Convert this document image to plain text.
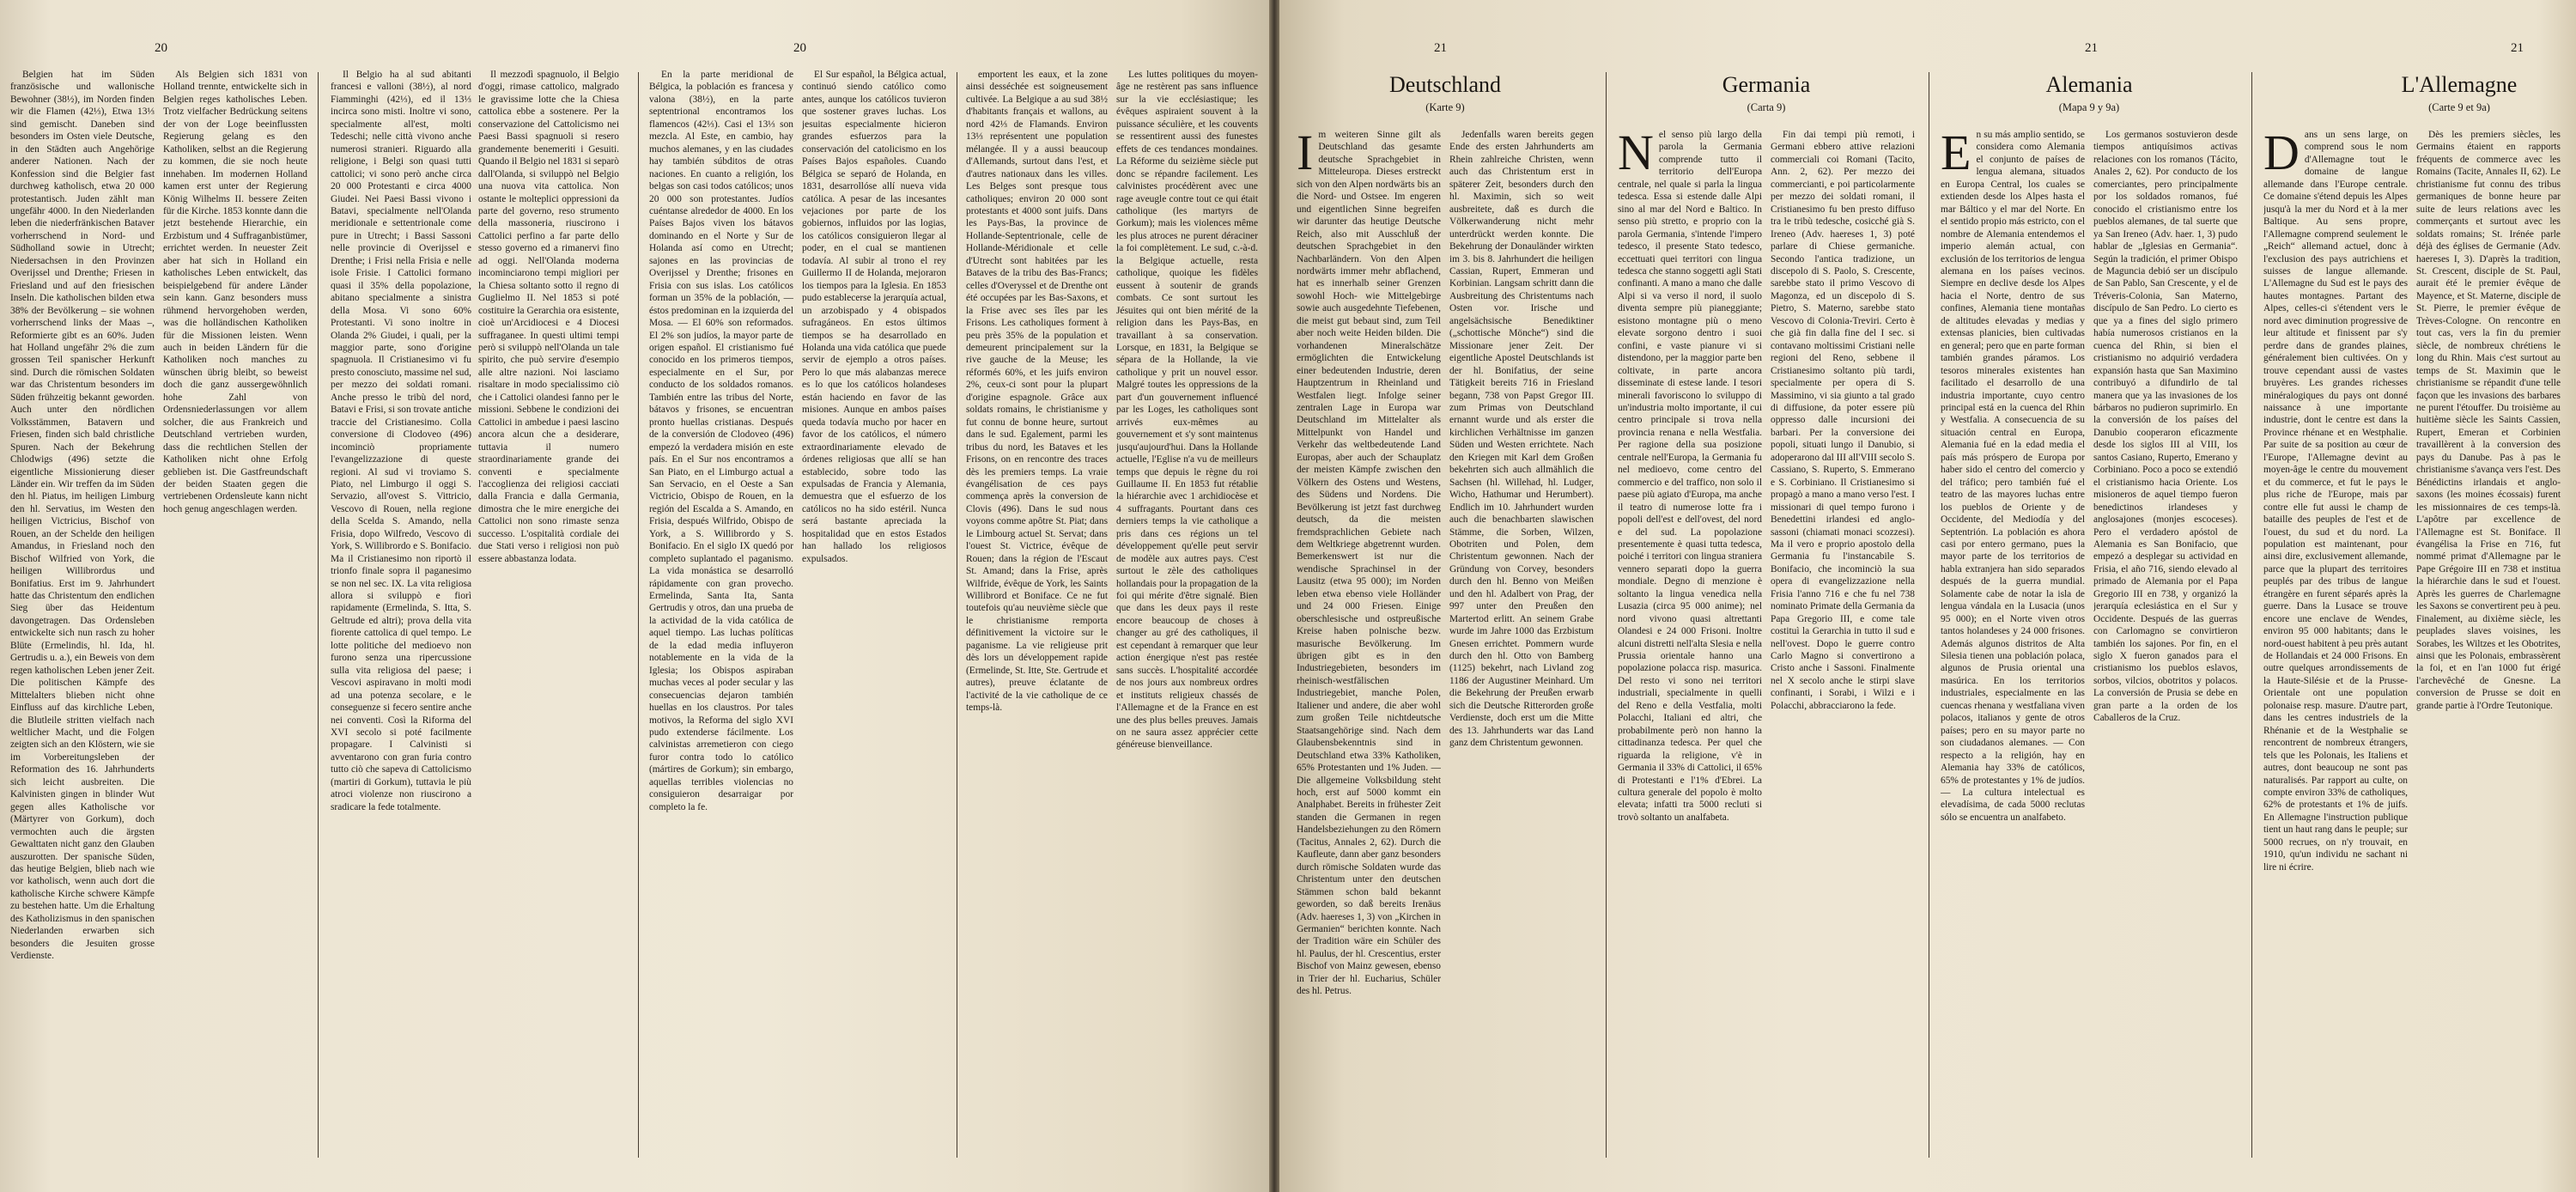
20

Belgien hat im Süden französische und wallonische Bewohner (38½), im Norden finden wir die Flamen (42⅓), Etwa 13⅓ sind gemischt. Daneben sind besonders im Osten viele Deutsche, in den Städten auch Angehörige anderer Nationen. Nach der Konfession sind die Belgier fast durchweg katholisch, etwa 20 000 protestantisch. Juden zählt man ungefähr 4000. In den Niederlanden leben die niederfränkischen Bataver vorherrschend in Nord- und Südholland sowie in Utrecht; Niedersachsen in den Provinzen Overijssel und Drenthe; Friesen in Friesland und auf den friesischen Inseln. Die katholischen bilden etwa 38% der Bevölkerung – sie wohnen vorherrschend links der Maas –, Reformierte gibt es an 60%. Juden hat Holland ungefähr 2% die zum grossen Teil spanischer Herkunft sind. Durch die römischen Soldaten war das Christentum besonders im Süden frühzeitig bekannt geworden. Auch unter den nördlichen Volksstämmen, Batavern und Friesen, finden sich bald christliche Spuren. Nach der Bekehrung Chlodwigs (496) setzte die eigentliche Missionierung dieser Länder ein. Wir treffen da im Süden den hl. Piatus, im heiligen Limburg den hl. Servatius, im Westen den heiligen Victricius, Bischof von Rouen, an der Schelde den heiligen Amandus, in Friesland noch den Bischof Wilfried von York, die heiligen Willibrordus und Bonifatius. Erst im 9. Jahrhundert hatte das Christentum den endlichen Sieg über das Heidentum davongetragen. Das Ordensleben entwickelte sich nun rasch zu hoher Blüte (Ermelindis, hl. Ida, hl. Gertrudis u. a.), ein Beweis von dem regen katholischen Leben jener Zeit. Die politischen Kämpfe des Mittelalters blieben nicht ohne Einfluss auf das kirchliche Leben, die Blutleile stritten vielfach nach weltlicher Macht, und die Folgen zeigten sich an den Klöstern, wie sie im Vorbereitungsleben der Reformation des 16. Jahrhunderts sich leicht ausbreiten. Die Kalvinisten gingen in blinder Wut gegen alles Katholische vor (Märtyrer von Gorkum), doch vermochten auch die ärgsten Gewalttaten nicht ganz den Glauben auszurotten. Der spanische Süden, das heutige Belgien, blieb nach wie vor katholisch, wenn auch dort die katholische Kirche schwere Kämpfe zu bestehen hatte. Um die Erhaltung des Katholizismus in den spanischen Niederlanden erwarben sich besonders die Jesuiten grosse Verdienste.

Als Belgien sich 1831 von Holland trennte, entwickelte sich in Belgien reges katholisches Leben. Trotz vielfacher Bedrückung seitens der von der Loge beeinflussten Regierung gelang es den Katholiken, selbst an die Regierung zu kommen, die sie noch heute innehaben. Im modernen Holland kamen erst unter der Regierung König Wilhelms II. bessere Zeiten für die Kirche. 1853 konnte dann die jetzt bestehende Hierarchie, ein Erzbistum und 4 Suffraganbistümer, errichtet werden. In neuester Zeit aber hat sich in Holland ein katholisches Leben entwickelt, das beispielgebend für andere Länder sein kann. Ganz besonders muss rühmend hervorgehoben werden, was die holländischen Katholiken für die Missionen leisten. Wenn auch in beiden Ländern für die Katholiken noch manches zu wünschen übrig bleibt, so beweist doch die ganz aussergewöhnlich hohe Zahl von Ordensniederlassungen vor allem solcher, die aus Frankreich und Deutschland vertrieben wurden, dass die rechtlichen Stellen der Katholiken nicht ohne Erfolg geblieben ist. Die Gastfreundschaft der beiden Staaten gegen die vertriebenen Ordensleute kann nicht hoch genug angeschlagen werden.

Il Belgio ha al sud abitanti francesi e valloni (38½), al nord Fiamminghi (42⅓), ed il 13⅓ incirca sono misti. Inoltre vi sono, specialmente all'est, molti Tedeschi; nelle città vivono anche numerosi stranieri. Riguardo alla religione, i Belgi son quasi tutti cattolici; vi sono però anche circa 20 000 Protestanti e circa 4000 Giudei. Nei Paesi Bassi vivono i Batavi, specialmente nell'Olanda meridionale e settentrionale come pure in Utrecht; i Bassi Sassoni nelle provincie di Overijssel e Drenthe; i Frisi nella Frisia e nelle isole Frisie. I Cattolici formano quasi il 35% della popolazione, abitano specialmente a sinistra della Mosa. Vi sono 60% Protestanti. Vi sono inoltre in Olanda 2% Giudei, i quali, per la maggior parte, sono d'origine spagnuola. Il Cristianesimo vi fu presto conosciuto, massime nel sud, per mezzo dei soldati romani. Anche presso le tribù del nord, Batavi e Frisi, si son trovate antiche traccie del Cristianesimo. Colla conversione di Clodoveo (496) incominciò propriamente l'evangelizzazione di queste regioni. Al sud vi troviamo S. Piato, nel Limburgo il oggi S. Servazio, all'ovest S. Vittricio, Vescovo di Rouen, nella regione della Scelda S. Amando, nella Frisia, dopo Wilfredo, Vescovo di York, S. Willibrordo e S. Bonifacio. Ma il Cristianesimo non riportò il trionfo finale sopra il paganesimo se non nel sec. IX. La vita religiosa allora si sviluppò e fiorì rapidamente (Ermelinda, S. Itta, S. Geltrude ed altri); prova della vita fiorente cattolica di quel tempo. Le lotte politiche del medioevo non furono senza una ripercussione sulla vita religiosa del paese; i Vescovi aspiravano in molti modi ad una potenza secolare, e le conseguenze si fecero sentire anche nei conventi. Così la Riforma del XVI secolo si poté facilmente propagare. I Calvinisti si avventarono con gran furia contro tutto ciò che sapeva di Cattolicismo (martiri di Gorkum), tuttavia le più atroci violenze non riuscirono a sradicare la fede totalmente.

Il mezzodì spagnuolo, il Belgio d'oggi, rimase cattolico, malgrado le gravissime lotte che la Chiesa cattolica ebbe a sostenere. Per la conservazione del Cattolicismo nei Paesi Bassi spagnuoli si resero grandemente benemeriti i Gesuiti. Quando il Belgio nel 1831 si separò dall'Olanda, si sviluppò nel Belgio una nuova vita cattolica. Non ostante le molteplici oppressioni da parte del governo, reso strumento della massoneria, riuscirono i Cattolici perfino a far parte dello stesso governo ed a rimanervi fino ad oggi. Nell'Olanda moderna incominciarono tempi migliori per la Chiesa soltanto sotto il regno di Guglielmo II. Nel 1853 si poté costituire la Gerarchia ora esistente, cioè un'Arcidiocesi e 4 Diocesi suffraganee. In questi ultimi tempi però si sviluppò nell'Olanda un tale spirito, che può servire d'esempio alle altre nazioni. Noi lasciamo risaltare in modo specialissimo ciò che i Cattolici olandesi fanno per le missioni. Sebbene le condizioni dei Cattolici in ambedue i paesi lascino ancora alcun che a desiderare, tuttavia il numero straordinariamente grande dei conventi e specialmente l'accoglienza dei religiosi cacciati dalla Francia e dalla Germania, dimostra che le mire energiche dei Cattolici non sono rimaste senza successo. L'ospitalità cordiale dei due Stati verso i religiosi non può essere abbastanza lodata.

20

En la parte meridional de Bélgica, la población es francesa y valona (38½), en la parte septentrional encontramos los flamencos (42⅓). Casi el 13⅓ son mezcla. Al Este, en cambio, hay muchos alemanes, y en las ciudades hay también súbditos de otras naciones. En cuanto a religión, los belgas son casi todos católicos; unos 20 000 son protestantes. Judíos cuéntanse alrededor de 4000. En los Países Bajos viven los bátavos dominando en el Norte y Sur de Holanda así como en Utrecht; sajones en las provincias de Overijssel y Drenthe; frisones en Frisia con sus islas. Los católicos forman un 35% de la población, — éstos predominan en la izquierda del Mosa. — El 60% son reformados. El 2% son judíos, la mayor parte de origen español. El cristianismo fué conocido en los primeros tiempos, especialmente en el Sur, por conducto de los soldados romanos. También entre las tribus del Norte, bátavos y frisones, se encuentran pronto huellas cristianas. Después de la conversión de Clodoveo (496) empezó la verdadera misión en este país. En el Sur nos encontramos a San Piato, en el Limburgo actual a San Servacio, en el Oeste a San Victricio, Obispo de Rouen, en la región del Escalda a S. Amando, en Frisia, después Wilfrido, Obispo de York, a S. Willibrordo y S. Bonifacio. En el siglo IX quedó por completo suplantado el paganismo. La vida monástica se desarrolló rápidamente con gran provecho. Ermelinda, Santa Ita, Santa Gertrudis y otros, dan una prueba de la actividad de la vida católica de aquel tiempo. Las luchas políticas de la edad media influyeron notablemente en la vida de la Iglesia; los Obispos aspiraban muchas veces al poder secular y las consecuencias dejaron también huellas en los claustros. Por tales motivos, la Reforma del siglo XVI pudo extenderse fácilmente. Los calvinistas arremetieron con ciego furor contra todo lo católico (mártires de Gorkum); sin embargo, aquellas terribles violencias no consiguieron desarraigar por completo la fe.

El Sur español, la Bélgica actual, continuó siendo católico como antes, aunque los católicos tuvieron que sostener graves luchas. Los jesuitas especialmente hicieron grandes esfuerzos para la conservación del catolicismo en los Países Bajos españoles. Cuando Bélgica se separó de Holanda, en 1831, desarrollóse allí nueva vida católica. A pesar de las incesantes vejaciones por parte de los gobiernos, influidos por las logias, los católicos consiguieron llegar al poder, en el cual se mantienen todavía. Al subir al trono el rey Guillermo II de Holanda, mejoraron los tiempos para la Iglesia. En 1853 pudo establecerse la jerarquía actual, un arzobispado y 4 obispados sufragáneos. En estos últimos tiempos se ha desarrollado en Holanda una vida católica que puede servir de ejemplo a otros países. Pero lo que más alabanzas merece es lo que los católicos holandeses están haciendo en favor de las misiones. Aunque en ambos países queda todavía mucho por hacer en favor de los católicos, el número extraordinariamente elevado de órdenes religiosas que allí se han establecido, sobre todo las expulsadas de Francia y Alemania, demuestra que el esfuerzo de los católicos no ha sido estéril. Nunca será bastante apreciada la hospitalidad que en estos Estados han hallado los religiosos expulsados.

emportent les eaux, et la zone ainsi desséchée est soigneusement cultivée. La Belgique a au sud 38½ d'habitants français et wallons, au nord 42⅓ de Flamands. Environ 13⅓ représentent une population mélangée. Il y a aussi beaucoup d'Allemands, surtout dans l'est, et d'autres nationaux dans les villes. Les Belges sont presque tous catholiques; environ 20 000 sont protestants et 4000 sont juifs. Dans les Pays-Bas, la province de Hollande-Septentrionale, celle de Hollande-Méridionale et celle d'Utrecht sont habitées par les Bataves de la tribu des Bas-Francs; celles d'Overyssel et de Drenthe ont été occupées par les Bas-Saxons, et la Frise avec ses îles par les Frisons. Les catholiques forment à peu près 35% de la population et demeurent principalement sur la rive gauche de la Meuse; les réformés 60%, et les juifs environ 2%, ceux-ci sont pour la plupart d'origine espagnole. Grâce aux soldats romains, le christianisme y fut connu de bonne heure, surtout dans le sud. Egalement, parmi les tribus du nord, les Bataves et les Frisons, on en rencontre des traces dès les premiers temps. La vraie évangélisation de ces pays commença après la conversion de Clovis (496). Dans le sud nous voyons comme apôtre St. Piat; dans le Limbourg actuel St. Servat; dans l'ouest St. Victrice, évêque de Rouen; dans la région de l'Escaut St. Amand; dans la Frise, après Wilfride, évêque de York, les Saints Willibrord et Boniface. Ce ne fut toutefois qu'au neuvième siècle que le christianisme remporta définitivement la victoire sur le paganisme. La vie religieuse prit dès lors un développement rapide (Ermelinde, St. Itte, Ste. Gertrude et autres), preuve éclatante de l'activité de la vie catholique de ce temps-là.

Les luttes politiques du moyen-âge ne restèrent pas sans influence sur la vie ecclésiastique; les évêques aspiraient souvent à la puissance séculière, et les couvents se ressentirent aussi des funestes effets de ces tendances mondaines. La Réforme du seizième siècle put donc se répandre facilement. Les calvinistes procédèrent avec une rage aveugle contre tout ce qui était catholique (les martyrs de Gorkum); mais les violences même les plus atroces ne purent déraciner la foi complètement. Le sud, c.-à-d. la Belgique actuelle, resta catholique, quoique les fidèles eussent à soutenir de grands combats. Ce sont surtout les Jésuites qui ont bien mérité de la religion dans les Pays-Bas, en travaillant à sa conservation. Lorsque, en 1831, la Belgique se sépara de la Hollande, la vie catholique y prit un nouvel essor. Malgré toutes les oppressions de la part d'un gouvernement influencé par les Loges, les catholiques sont arrivés eux-mêmes au gouvernement et s'y sont maintenus jusqu'aujourd'hui. Dans la Hollande actuelle, l'Eglise n'a vu de meilleurs temps que depuis le règne du roi Guillaume II. En 1853 fut rétablie la hiérarchie avec 1 archidiocèse et 4 suffragants. Pourtant dans ces derniers temps la vie catholique a pris dans ces régions un tel développement qu'elle peut servir de modèle aux autres pays. C'est surtout le zèle des catholiques hollandais pour la propagation de la foi qui mérite d'être signalé. Bien que dans les deux pays il reste encore beaucoup de choses à changer au gré des catholiques, il est cependant à remarquer que leur action énergique n'est pas restée sans succès. L'hospitalité accordée de nos jours aux nombreux ordres et instituts religieux chassés de l'Allemagne et de la France en est une des plus belles preuves. Jamais on ne saura assez apprécier cette généreuse bienveillance.

21
Deutschland
(Karte 9)

Im weiteren Sinne gilt als Deutschland das gesamte deutsche Sprachgebiet in Mitteleuropa. Dieses erstreckt sich von den Alpen nordwärts bis an die Nord- und Ostsee. Im engeren und eigentlichen Sinne begreifen wir darunter das heutige Deutsche Reich, also mit Ausschluß der deutschen Sprachgebiet in den Nachbarländern. Von den Alpen nordwärts immer mehr abflachend, hat es innerhalb seiner Grenzen sowohl Hoch- wie Mittelgebirge sowie auch ausgedehnte Tiefebenen, die meist gut bebaut sind, zum Teil aber noch weite Heiden bilden. Die vorhandenen Mineralschätze ermöglichten die Entwickelung einer bedeutenden Industrie, deren Hauptzentrum in Rheinland und Westfalen liegt. Infolge seiner zentralen Lage in Europa war Deutschland im Mittelalter als Mittelpunkt von Handel und Verkehr das weltbedeutende Land Europas, aber auch der Schauplatz der meisten Kämpfe zwischen den Völkern des Ostens und Westens, des Südens und Nordens. Die Bevölkerung ist jetzt fast durchweg deutsch, da die meisten fremdsprachlichen Gebiete nach dem Weltkriege abgetrennt wurden. Bemerkenswert ist nur die wendische Sprachinsel in der Lausitz (etwa 95 000); im Norden leben etwa ebenso viele Holländer und 24 000 Friesen. Einige oberschlesische und ostpreußische Kreise haben polnische bezw. masurische Bevölkerung. Im übrigen gibt es in den Industriegebieten, besonders im rheinisch-westfälischen Industriegebiet, manche Polen, Italiener und andere, die aber wohl zum großen Teile nichtdeutsche Staatsangehörige sind. Nach dem Glaubensbekenntnis sind in Deutschland etwa 33% Katholiken, 65% Protestanten und 1% Juden. — Die allgemeine Volksbildung steht hoch, erst auf 5000 kommt ein Analphabet. Bereits in frühester Zeit standen die Germanen in regen Handelsbeziehungen zu den Römern (Tacitus, Annales 2, 62). Durch die Kaufleute, dann aber ganz besonders durch römische Soldaten wurde das Christentum unter den deutschen Stämmen schon bald bekannt geworden, so daß bereits Irenäus (Adv. haereses 1, 3) von „Kirchen in Germanien“ berichten konnte. Nach der Tradition wäre ein Schüler des hl. Paulus, der hl. Crescentius, erster Bischof von Mainz gewesen, ebenso in Trier der hl. Eucharius, Schüler des hl. Petrus.

Jedenfalls waren bereits gegen Ende des ersten Jahrhunderts am Rhein zahlreiche Christen, wenn auch das Christentum erst in späterer Zeit, besonders durch den hl. Maximin, sich so weit ausbreitete, daß es durch die Völkerwanderung nicht mehr unterdrückt werden konnte. Die Bekehrung der Donauländer wirkten im 3. bis 8. Jahrhundert die heiligen Cassian, Rupert, Emmeran und Korbinian. Langsam schritt dann die Ausbreitung des Christentums nach Osten vor. Irische und angelsächsische Benediktiner („schottische Mönche“) sind die Missionare jener Zeit. Der eigentliche Apostel Deutschlands ist der hl. Bonifatius, der seine Tätigkeit bereits 716 in Friesland begann, 738 von Papst Gregor III. zum Primas von Deutschland ernannt wurde und als erster die kirchlichen Verhältnisse im ganzen Süden und Westen errichtete. Nach den Kriegen mit Karl dem Großen bekehrten sich auch allmählich die Sachsen (hl. Willehad, hl. Ludger, Wicho, Hathumar und Herumbert). Endlich im 10. Jahrhundert wurden auch die benachbarten slawischen Stämme, die Sorben, Wilzen, Obotriten und Polen, dem Christentum gewonnen. Nach der Gründung von Corvey, besonders durch den hl. Benno von Meißen und den hl. Adalbert von Prag, der 997 unter den Preußen den Martertod erlitt. An seinem Grabe wurde im Jahre 1000 das Erzbistum Gnesen errichtet. Pommern wurde durch den hl. Otto von Bamberg (1125) bekehrt, nach Livland zog 1186 der Augustiner Meinhard. Um die Bekehrung der Preußen erwarb sich die Deutsche Ritterorden große Verdienste, doch erst um die Mitte des 13. Jahrhunderts war das Land ganz dem Christentum gewonnen.

Germania
(Carta 9)

Nel senso più largo della parola la Germania comprende tutto il territorio dell'Europa centrale, nel quale si parla la lingua tedesca. Essa si estende dalle Alpi sino al mar del Nord e Baltico. In senso più stretto, e proprio con la parola Germania, s'intende l'impero tedesco, il presente Stato tedesco, eccettuati quei territori con lingua tedesca che stanno soggetti agli Stati confinanti. A mano a mano che dalle Alpi si va verso il nord, il suolo diventa sempre più pianeggiante; esistono montagne più o meno elevate sorgono dentro i suoi confini, e vaste pianure vi si distendono, per la maggior parte ben coltivate, in parte ancora disseminate di estese lande. I tesori minerali favoriscono lo sviluppo di un'industria molto importante, il cui centro principale si trova nella provincia renana e nella Westfalia. Per ragione della sua posizione centrale nell'Europa, la Germania fu nel medioevo, come centro del commercio e del traffico, non solo il paese più agiato d'Europa, ma anche il teatro di numerose lotte fra i popoli dell'est e dell'ovest, del nord e del sud. La popolazione presentemente è quasi tutta tedesca, poiché i territori con lingua straniera vennero separati dopo la guerra mondiale. Degno di menzione è soltanto la lingua venedica nella Lusazia (circa 95 000 anime); nel nord vivono quasi altrettanti Olandesi e 24 000 Frisoni. Inoltre alcuni distretti nell'alta Slesia e nella Prussia orientale hanno una popolazione polacca risp. masurica. Del resto vi sono nei territori industriali, specialmente in quelli del Reno e della Vestfalia, molti Polacchi, Italiani ed altri, che probabilmente però non hanno la cittadinanza tedesca. Per quel che riguarda la religione, v'è in Germania il 33% di Cattolici, il 65% di Protestanti e l'1% d'Ebrei. La cultura generale del popolo è molto elevata; infatti tra 5000 recluti si trovò soltanto un analfabeta.

Fin dai tempi più remoti, i Germani ebbero attive relazioni commerciali coi Romani (Tacito, Ann. 2, 62). Per mezzo dei commercianti, e poi particolarmente per mezzo dei soldati romani, il Cristianesimo fu ben presto diffuso tra le tribù tedesche, cosicché già S. Ireneo (Adv. haereses 1, 3) poté parlare di Chiese germaniche. Secondo l'antica tradizione, un discepolo di S. Paolo, S. Crescente, sarebbe stato il primo Vescovo di Magonza, ed un discepolo di S. Pietro, S. Materno, sarebbe stato Vescovo di Colonia-Treviri. Certo è che già fin dalla fine del I sec. si contavano moltissimi Cristiani nelle regioni del Reno, sebbene il Cristianesimo soltanto più tardi, specialmente per opera di S. Massimino, vi sia giunto a tal grado di diffusione, da poter essere più oppresso dalle incursioni dei barbari. Per la conversione dei popoli, situati lungo il Danubio, si adoperarono dal III all'VIII secolo S. Cassiano, S. Ruperto, S. Emmerano e S. Corbiniano. Il Cristianesimo si propagò a mano a mano verso l'est. I missionari di quel tempo furono i Benedettini irlandesi ed anglo-sassoni (chiamati monaci scozzesi). Ma il vero e proprio apostolo della Germania fu l'instancabile S. Bonifacio, che incominciò la sua opera di evangelizzazione nella Frisia l'anno 716 e che fu nel 738 nominato Primate della Germania da Papa Gregorio III, e come tale costituì la Gerarchia in tutto il sud e nell'ovest. Dopo le guerre contro Carlo Magno si convertirono a Cristo anche i Sassoni. Finalmente nel X secolo anche le stirpi slave confinanti, i Sorabi, i Wilzi e i Polacchi, abbracciarono la fede.

21
Alemania
(Mapa 9 y 9a)

En su más amplio sentido, se considera como Alemania el conjunto de países de lengua alemana, situados en Europa Central, los cuales se extienden desde los Alpes hasta el mar Báltico y el mar del Norte. En el sentido propio más estricto, con el nombre de Alemania entendemos el imperio alemán actual, con exclusión de los territorios de lengua alemana en los países vecinos. Siempre en declive desde los Alpes hacia el Norte, dentro de sus confines, Alemania tiene montañas de altitudes elevadas y medias y extensas planicies, bien cultivadas en general; pero que en parte forman también grandes páramos. Los tesoros minerales existentes han facilitado el desarrollo de una industria importante, cuyo centro principal está en la cuenca del Rhin y Westfalia. A consecuencia de su situación central en Europa, Alemania fué en la edad media el país más próspero de Europa por haber sido el centro del comercio y del tráfico; pero también fué el teatro de las mayores luchas entre los pueblos de Oriente y de Occidente, del Mediodía y del Septentrión. La población es ahora casi por entero germano, pues la mayor parte de los territorios de habla extranjera han sido separados después de la guerra mundial. Solamente cabe de notar la isla de lengua vándala en la Lusacia (unos 95 000); en el Norte viven otros tantos holandeses y 24 000 frisones. Además algunos distritos de Alta Silesia tienen una población polaca, algunos de Prusia oriental una masúrica. En los territorios industriales, especialmente en las cuencas rhenana y westfaliana viven polacos, italianos y gente de otros países; pero en su mayor parte no son ciudadanos alemanes. — Con respecto a la religión, hay en Alemania hay 33% de católicos, 65% de protestantes y 1% de judíos. — La cultura intelectual es elevadísima, de cada 5000 reclutas sólo se encuentra un analfabeto.

Los germanos sostuvieron desde tiempos antiquísimos activas relaciones con los romanos (Tácito, Anales 2, 62). Por conducto de los comerciantes, pero principalmente por los soldados romanos, fué conocido el cristianismo entre los pueblos alemanes, de tal suerte que ya San Ireneo (Adv. haer. 1, 3) pudo hablar de „Iglesias en Germania“. Según la tradición, el primer Obispo de Maguncia debió ser un discípulo de San Pablo, San Crescente, y el de Tréveris-Colonia, San Materno, discípulo de San Pedro. Lo cierto es que ya a fines del siglo primero había numerosos cristianos en la cuenca del Rhin, si bien el cristianismo no adquirió verdadera expansión hasta que San Maximino contribuyó a difundirlo de tal manera que ya las invasiones de los bárbaros no pudieron suprimirlo. En la conversión de los países del Danubio cooperaron eficazmente desde los siglos III al VIII, los santos Casiano, Ruperto, Emerano y Corbiniano. Poco a poco se extendió el cristianismo hacia Oriente. Los misioneros de aquel tiempo fueron benedictinos irlandeses y anglosajones (monjes escoceses). Pero el verdadero apóstol de Alemania es San Bonifacio, que empezó a desplegar su actividad en Frisia, el año 716, siendo elevado al primado de Alemania por el Papa Gregorio III en 738, y organizó la jerarquía eclesiástica en el Sur y Occidente. Después de las guerras con Carlomagno se convirtieron también los sajones. Por fin, en el siglo X fueron ganados para el cristianismo los pueblos eslavos, sorbos, vilcios, obotritos y polacos. La conversión de Prusia se debe en gran parte a la orden de los Caballeros de la Cruz.

21
L'Allemagne
(Carte 9 et 9a)

Dans un sens large, on comprend sous le nom d'Allemagne tout le domaine de langue allemande dans l'Europe centrale. Ce domaine s'étend depuis les Alpes jusqu'à la mer du Nord et à la mer Baltique. Au sens propre, l'Allemagne comprend seulement le „Reich“ allemand actuel, donc à l'exclusion des pays autrichiens et suisses de langue allemande. L'Allemagne du Sud est le pays des hautes montagnes. Partant des Alpes, celles-ci s'étendent vers le nord avec diminution progressive de leur altitude et finissent par s'y perdre dans de grandes plaines, généralement bien cultivées. On y trouve cependant aussi de vastes bruyères. Les grandes richesses minéralogiques du pays ont donné naissance à une importante industrie, dont le centre est dans la Province rhénane et en Westphalie. Par suite de sa position au cœur de l'Europe, l'Allemagne devint au moyen-âge le centre du mouvement et du commerce, et fut le pays le plus riche de l'Europe, mais par contre elle fut aussi le champ de bataille des peuples de l'est et de l'ouest, du sud et du nord. La population est maintenant, pour ainsi dire, exclusivement allemande, parce que la plupart des territoires peuplés par des tribus de langue étrangère en furent séparés après la guerre. Dans la Lusace se trouve encore une enclave de Wendes, environ 95 000 habitants; dans le nord-ouest habitent à peu près autant de Hollandais et 24 000 Frisons. En outre quelques arrondissements de la Haute-Silésie et de la Prusse-Orientale ont une population polonaise resp. masure. D'autre part, dans les centres industriels de la Rhénanie et de la Westphalie se rencontrent de nombreux étrangers, tels que les Polonais, les Italiens et autres, dont beaucoup ne sont pas naturalisés. Par rapport au culte, on compte environ 33% de catholiques, 62% de protestants et 1% de juifs. En Allemagne l'instruction publique tient un haut rang dans le peuple; sur 5000 recrues, on n'y trouvait, en 1910, qu'un individu ne sachant ni lire ni écrire.

Dès les premiers siècles, les Germains étaient en rapports fréquents de commerce avec les Romains (Tacite, Annales II, 62). Le christianisme fut connu des tribus germaniques de bonne heure par suite de leurs relations avec les commerçants et surtout avec les soldats romains; St. Irénée parle déjà des églises de Germanie (Adv. haereses I, 3). D'après la tradition, St. Crescent, disciple de St. Paul, aurait été le premier évêque de Mayence, et St. Materne, disciple de St. Pierre, le premier évêque de Trèves-Cologne. On rencontre en tout cas, vers la fin du premier siècle, de nombreux chrétiens le long du Rhin. Mais c'est surtout au temps de St. Maximin que le christianisme se répandit d'une telle façon que les invasions des barbares ne purent l'étouffer. Du troisième au huitième siècle les Saints Cassien, Rupert, Emeran et Corbinien travaillèrent à la conversion des pays du Danube. Pas à pas le christianisme s'avança vers l'est. Des Bénédictins irlandais et anglo-saxons (les moines écossais) furent les missionnaires de ces temps-là. L'apôtre par excellence de l'Allemagne est St. Boniface. Il évangélisa la Frise en 716, fut nommé primat d'Allemagne par le Pape Grégoire III en 738 et institua la hiérarchie dans le sud et l'ouest. Après les guerres de Charlemagne les Saxons se convertirent peu à peu. Finalement, au dixième siècle, les peuplades slaves voisines, les Sorabes, les Wiltzes et les Obotrites, ainsi que les Polonais, embrassèrent la foi, et en l'an 1000 fut érigé l'archevêché de Gnesne. La conversion de Prusse se doit en grande partie à l'Ordre Teutonique.
